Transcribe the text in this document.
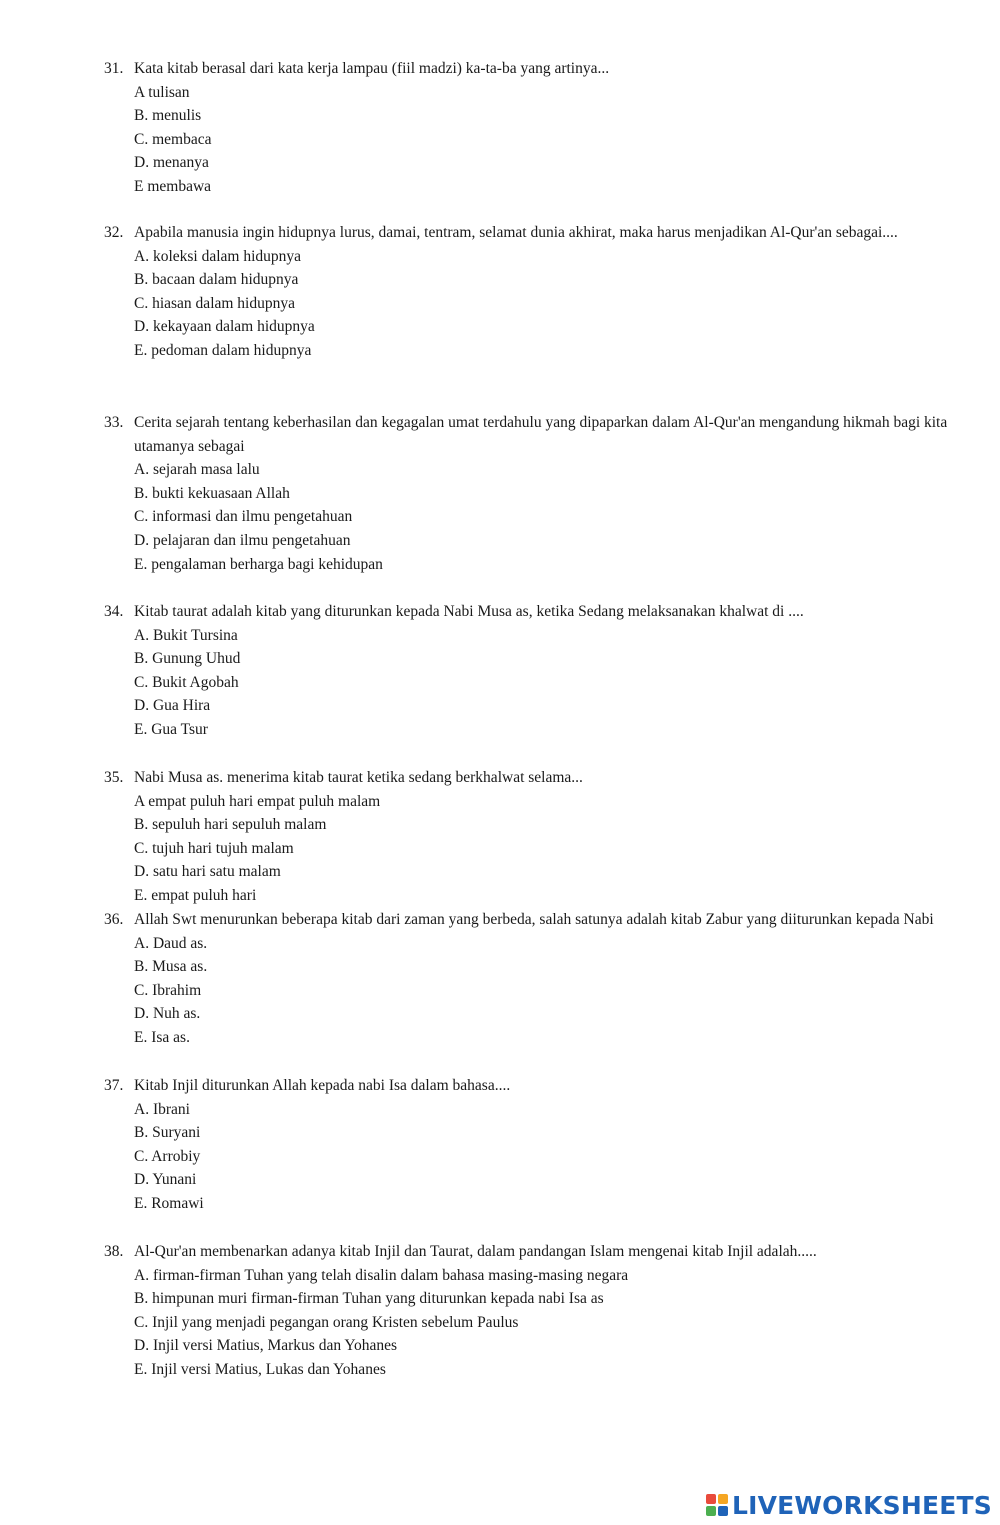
31. Kata kitab berasal dari kata kerja lampau (fiil madzi) ka-ta-ba yang artinya...
A tulisan
B. menulis
C. membaca
D. menanya
E membawa
32. Apabila manusia ingin hidupnya lurus, damai, tentram, selamat dunia akhirat, maka harus menjadikan Al-Qur'an sebagai....
A. koleksi dalam hidupnya
B. bacaan dalam hidupnya
C. hiasan dalam hidupnya
D. kekayaan dalam hidupnya
E. pedoman dalam hidupnya
33. Cerita sejarah tentang keberhasilan dan kegagalan umat terdahulu yang dipaparkan dalam Al-Qur'an mengandung hikmah bagi kita utamanya sebagai
A. sejarah masa lalu
B. bukti kekuasaan Allah
C. informasi dan ilmu pengetahuan
D. pelajaran dan ilmu pengetahuan
E. pengalaman berharga bagi kehidupan
34. Kitab taurat adalah kitab yang diturunkan kepada Nabi Musa as, ketika Sedang melaksanakan khalwat di ....
A. Bukit Tursina
B. Gunung Uhud
C. Bukit Agobah
D. Gua Hira
E. Gua Tsur
35. Nabi Musa as. menerima kitab taurat ketika sedang berkhalwat selama...
A empat puluh hari empat puluh malam
B. sepuluh hari sepuluh malam
C. tujuh hari tujuh malam
D. satu hari satu malam
E. empat puluh hari
36. Allah Swt menurunkan beberapa kitab dari zaman yang berbeda, salah satunya adalah kitab Zabur yang diiturunkan kepada Nabi
A. Daud as.
B. Musa as.
C. Ibrahim
D. Nuh as.
E. Isa as.
37. Kitab Injil diturunkan Allah kepada nabi Isa dalam bahasa....
A. Ibrani
B. Suryani
C. Arrobiy
D. Yunani
E. Romawi
38. Al-Qur'an membenarkan adanya kitab Injil dan Taurat, dalam pandangan Islam mengenai kitab Injil adalah.....
A. firman-firman Tuhan yang telah disalin dalam bahasa masing-masing negara
B. himpunan muri firman-firman Tuhan yang diturunkan kepada nabi Isa as
C. Injil yang menjadi pegangan orang Kristen sebelum Paulus
D. Injil versi Matius, Markus dan Yohanes
E. Injil versi Matius, Lukas dan Yohanes
LIVEWORKSHEETS
